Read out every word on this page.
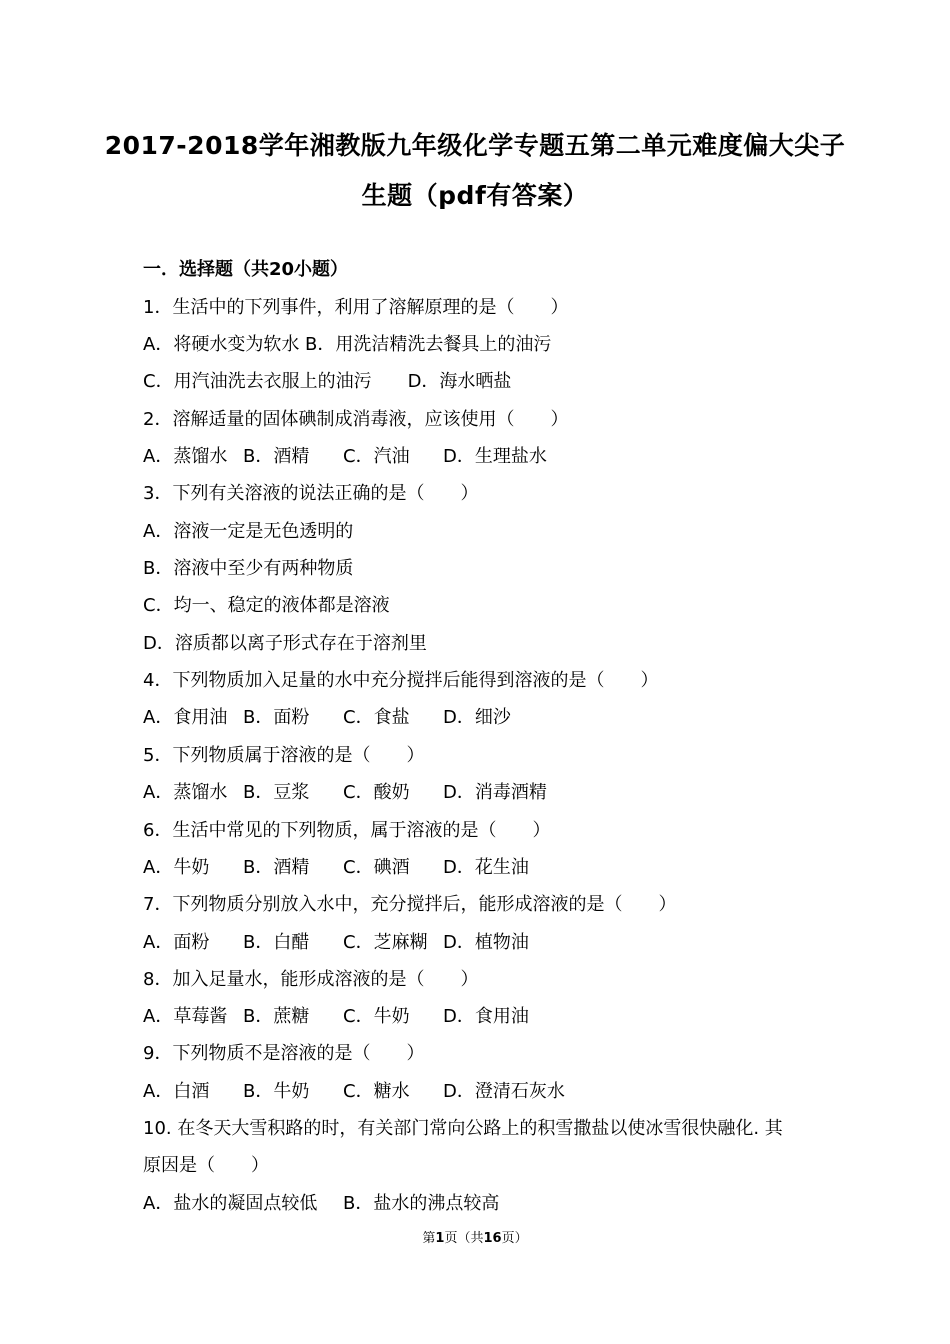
2017-2018学年湘教版九年级化学专题五第二单元难度偏大尖子
生题（pdf有答案）
一．选择题（共20小题）
1．生活中的下列事件，利用了溶解原理的是（　　）
A．将硬水变为软水 B．用洗洁精洗去餐具上的油污
C．用汽油洗去衣服上的油污　　D．海水晒盐
2．溶解适量的固体碘制成消毒液，应该使用（　　）
A．蒸馏水 B．酒精 C．汽油 D．生理盐水
3．下列有关溶液的说法正确的是（　　）
A．溶液一定是无色透明的
B．溶液中至少有两种物质
C．均一、稳定的液体都是溶液
D．溶质都以离子形式存在于溶剂里
4．下列物质加入足量的水中充分搅拌后能得到溶液的是（　　）
A．食用油 B．面粉 C．食盐 D．细沙
5．下列物质属于溶液的是（　　）
A．蒸馏水 B．豆浆 C．酸奶 D．消毒酒精
6．生活中常见的下列物质，属于溶液的是（　　）
A．牛奶 B．酒精 C．碘酒 D．花生油
7．下列物质分别放入水中，充分搅拌后，能形成溶液的是（　　）
A．面粉 B．白醋 C．芝麻糊 D．植物油
8．加入足量水，能形成溶液的是（　　）
A．草莓酱 B．蔗糖 C．牛奶 D．食用油
9．下列物质不是溶液的是（　　）
A．白酒 B．牛奶 C．糖水 D．澄清石灰水
10. 在冬天大雪积路的时，有关部门常向公路上的积雪撒盐以使冰雪很快融化. 其
原因是（　　）
A．盐水的凝固点较低 B．盐水的沸点较高
第1页（共16页）
